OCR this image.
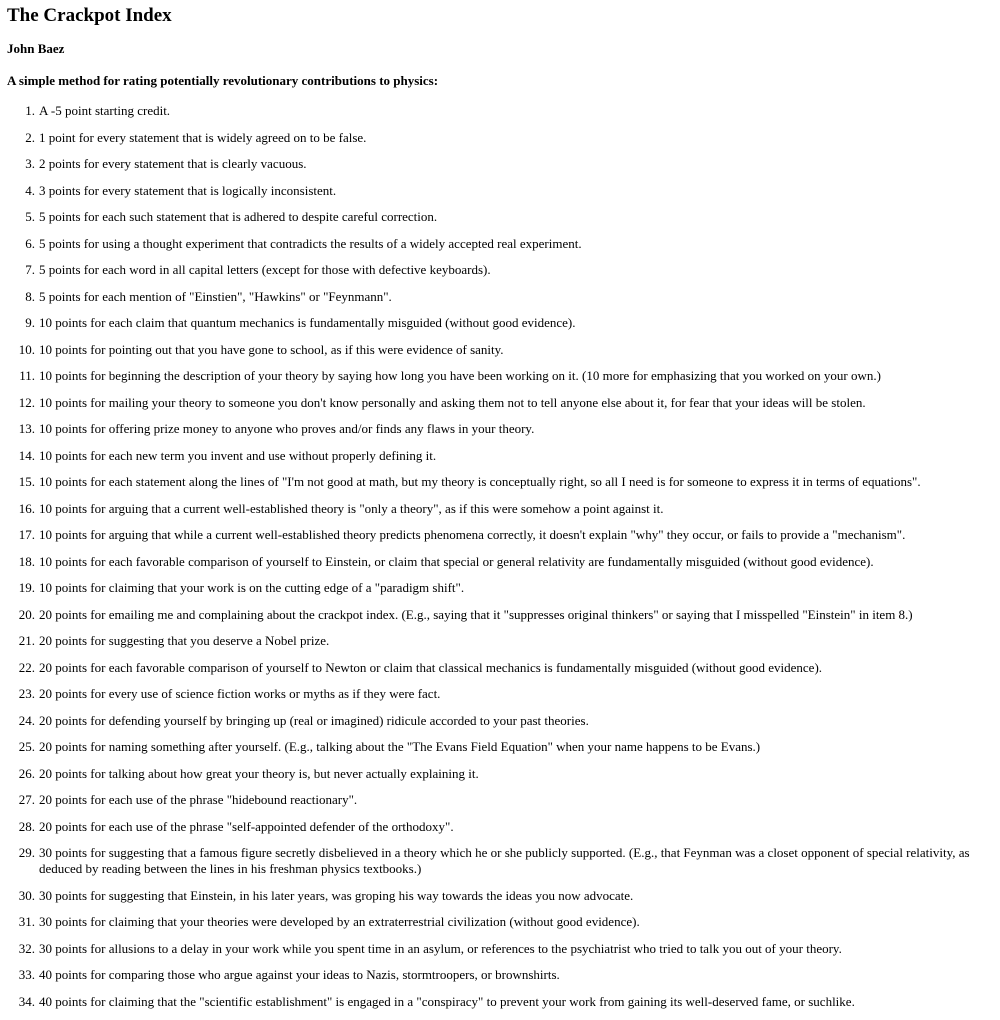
The Crackpot Index
John Baez
A simple method for rating potentially revolutionary contributions to physics:
1. A -5 point starting credit.
2. 1 point for every statement that is widely agreed on to be false.
3. 2 points for every statement that is clearly vacuous.
4. 3 points for every statement that is logically inconsistent.
5. 5 points for each such statement that is adhered to despite careful correction.
6. 5 points for using a thought experiment that contradicts the results of a widely accepted real experiment.
7. 5 points for each word in all capital letters (except for those with defective keyboards).
8. 5 points for each mention of "Einstien", "Hawkins" or "Feynmann".
9. 10 points for each claim that quantum mechanics is fundamentally misguided (without good evidence).
10. 10 points for pointing out that you have gone to school, as if this were evidence of sanity.
11. 10 points for beginning the description of your theory by saying how long you have been working on it. (10 more for emphasizing that you worked on your own.)
12. 10 points for mailing your theory to someone you don't know personally and asking them not to tell anyone else about it, for fear that your ideas will be stolen.
13. 10 points for offering prize money to anyone who proves and/or finds any flaws in your theory.
14. 10 points for each new term you invent and use without properly defining it.
15. 10 points for each statement along the lines of "I'm not good at math, but my theory is conceptually right, so all I need is for someone to express it in terms of equations".
16. 10 points for arguing that a current well-established theory is "only a theory", as if this were somehow a point against it.
17. 10 points for arguing that while a current well-established theory predicts phenomena correctly, it doesn't explain "why" they occur, or fails to provide a "mechanism".
18. 10 points for each favorable comparison of yourself to Einstein, or claim that special or general relativity are fundamentally misguided (without good evidence).
19. 10 points for claiming that your work is on the cutting edge of a "paradigm shift".
20. 20 points for emailing me and complaining about the crackpot index. (E.g., saying that it "suppresses original thinkers" or saying that I misspelled "Einstein" in item 8.)
21. 20 points for suggesting that you deserve a Nobel prize.
22. 20 points for each favorable comparison of yourself to Newton or claim that classical mechanics is fundamentally misguided (without good evidence).
23. 20 points for every use of science fiction works or myths as if they were fact.
24. 20 points for defending yourself by bringing up (real or imagined) ridicule accorded to your past theories.
25. 20 points for naming something after yourself. (E.g., talking about the "The Evans Field Equation" when your name happens to be Evans.)
26. 20 points for talking about how great your theory is, but never actually explaining it.
27. 20 points for each use of the phrase "hidebound reactionary".
28. 20 points for each use of the phrase "self-appointed defender of the orthodoxy".
29. 30 points for suggesting that a famous figure secretly disbelieved in a theory which he or she publicly supported. (E.g., that Feynman was a closet opponent of special relativity, as deduced by reading between the lines in his freshman physics textbooks.)
30. 30 points for suggesting that Einstein, in his later years, was groping his way towards the ideas you now advocate.
31. 30 points for claiming that your theories were developed by an extraterrestrial civilization (without good evidence).
32. 30 points for allusions to a delay in your work while you spent time in an asylum, or references to the psychiatrist who tried to talk you out of your theory.
33. 40 points for comparing those who argue against your ideas to Nazis, stormtroopers, or brownshirts.
34. 40 points for claiming that the "scientific establishment" is engaged in a "conspiracy" to prevent your work from gaining its well-deserved fame, or suchlike.
